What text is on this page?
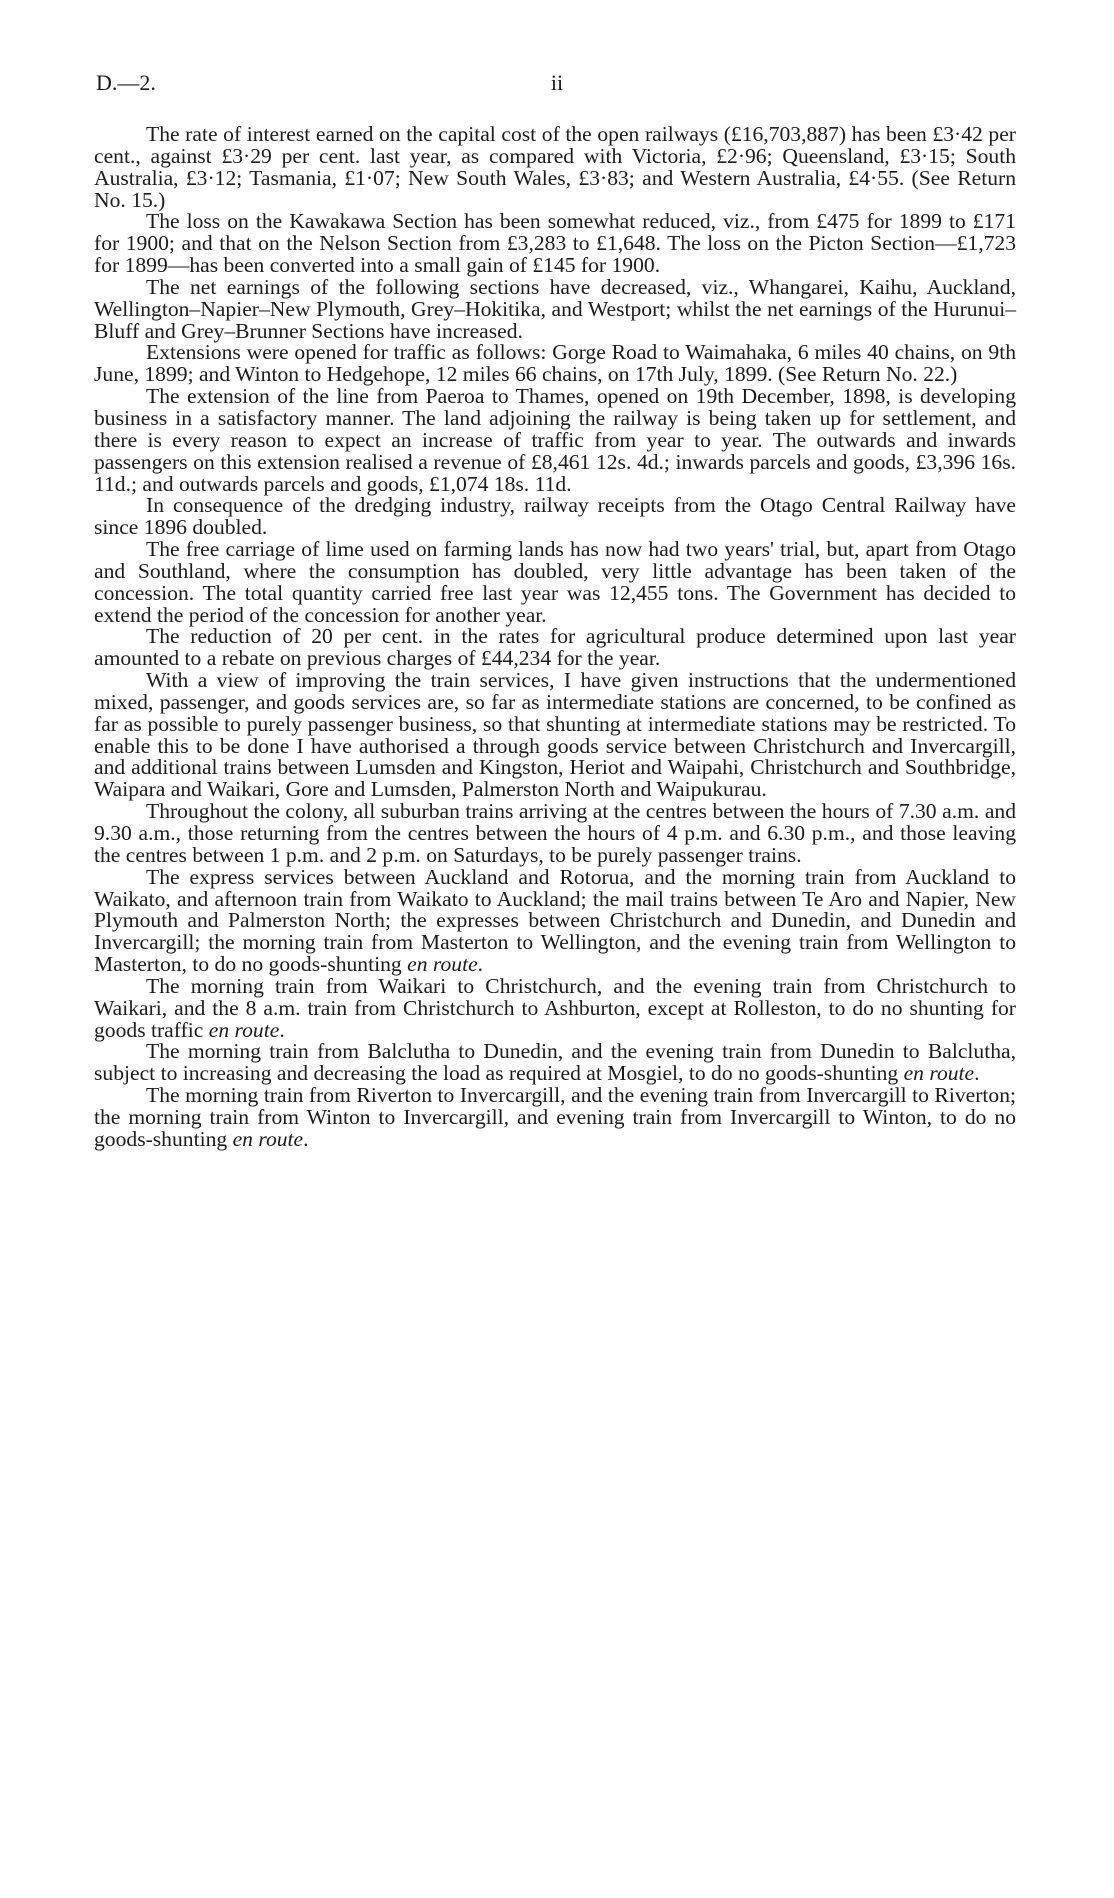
D.—2.	ii

The rate of interest earned on the capital cost of the open railways (£16,703,887) has been £3·42 per cent., against £3·29 per cent. last year, as compared with Victoria, £2·96; Queensland, £3·15; South Australia, £3·12; Tasmania, £1·07; New South Wales, £3·83; and Western Australia, £4·55. (See Return No. 15.)

The loss on the Kawakawa Section has been somewhat reduced, viz., from £475 for 1899 to £171 for 1900; and that on the Nelson Section from £3,283 to £1,648. The loss on the Picton Section—£1,723 for 1899—has been converted into a small gain of £145 for 1900.

The net earnings of the following sections have decreased, viz., Whangarei, Kaihu, Auckland, Wellington–Napier–New Plymouth, Grey–Hokitika, and Westport; whilst the net earnings of the Hurunui–Bluff and Grey–Brunner Sections have increased.

Extensions were opened for traffic as follows: Gorge Road to Waimahaka, 6 miles 40 chains, on 9th June, 1899; and Winton to Hedgehope, 12 miles 66 chains, on 17th July, 1899. (See Return No. 22.)

The extension of the line from Paeroa to Thames, opened on 19th December, 1898, is developing business in a satisfactory manner. The land adjoining the railway is being taken up for settlement, and there is every reason to expect an increase of traffic from year to year. The outwards and inwards passengers on this extension realised a revenue of £8,461 12s. 4d.; inwards parcels and goods, £3,396 16s. 11d.; and outwards parcels and goods, £1,074 18s. 11d.

In consequence of the dredging industry, railway receipts from the Otago Central Railway have since 1896 doubled.

The free carriage of lime used on farming lands has now had two years' trial, but, apart from Otago and Southland, where the consumption has doubled, very little advantage has been taken of the concession. The total quantity carried free last year was 12,455 tons. The Government has decided to extend the period of the concession for another year.

The reduction of 20 per cent. in the rates for agricultural produce determined upon last year amounted to a rebate on previous charges of £44,234 for the year.

With a view of improving the train services, I have given instructions that the undermentioned mixed, passenger, and goods services are, so far as intermediate stations are concerned, to be confined as far as possible to purely passenger business, so that shunting at intermediate stations may be restricted. To enable this to be done I have authorised a through goods service between Christchurch and Invercargill, and additional trains between Lumsden and Kingston, Heriot and Waipahi, Christchurch and Southbridge, Waipara and Waikari, Gore and Lumsden, Palmerston North and Waipukurau.

Throughout the colony, all suburban trains arriving at the centres between the hours of 7.30 a.m. and 9.30 a.m., those returning from the centres between the hours of 4 p.m. and 6.30 p.m., and those leaving the centres between 1 p.m. and 2 p.m. on Saturdays, to be purely passenger trains.

The express services between Auckland and Rotorua, and the morning train from Auckland to Waikato, and afternoon train from Waikato to Auckland; the mail trains between Te Aro and Napier, New Plymouth and Palmerston North; the expresses between Christchurch and Dunedin, and Dunedin and Invercargill; the morning train from Masterton to Wellington, and the evening train from Wellington to Masterton, to do no goods-shunting en route.

The morning train from Waikari to Christchurch, and the evening train from Christchurch to Waikari, and the 8 a.m. train from Christchurch to Ashburton, except at Rolleston, to do no shunting for goods traffic en route.

The morning train from Balclutha to Dunedin, and the evening train from Dunedin to Balclutha, subject to increasing and decreasing the load as required at Mosgiel, to do no goods-shunting en route.

The morning train from Riverton to Invercargill, and the evening train from Invercargill to Riverton; the morning train from Winton to Invercargill, and evening train from Invercargill to Winton, to do no goods-shunting en route.
